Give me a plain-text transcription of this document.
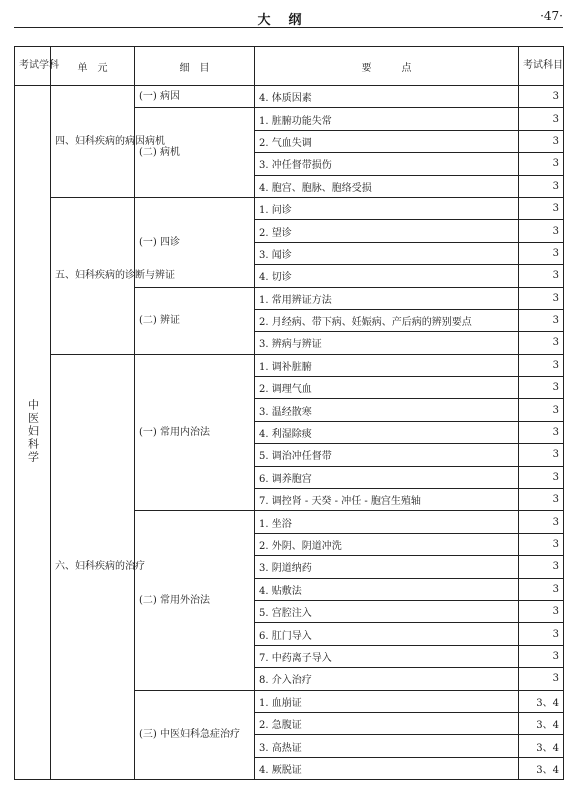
大纲	·47·
考试学科	单　元	细　目	要　　　点	考试科目

中医妇科学	四、妇科疾病的病因病机	(一) 病因	4. 体质因素	3
		(二) 病机	1. 脏腑功能失常	3
			2. 气血失调	3
			3. 冲任督带损伤	3
			4. 胞宫、胞脉、胞络受损	3
	五、妇科疾病的诊断与辨证	(一) 四诊	1. 问诊	3
			2. 望诊	3
			3. 闻诊	3
			4. 切诊	3
		(二) 辨证	1. 常用辨证方法	3
			2. 月经病、带下病、妊娠病、产后病的辨别要点	3
			3. 辨病与辨证	3
	六、妇科疾病的治疗	(一) 常用内治法	1. 调补脏腑	3
			2. 调理气血	3
			3. 温经散寒	3
			4. 利湿除痰	3
			5. 调治冲任督带	3
			6. 调养胞宫	3
			7. 调控肾 - 天癸 - 冲任 - 胞宫生殖轴	3
		(二) 常用外治法	1. 坐浴	3
			2. 外阴、阴道冲洗	3
			3. 阴道纳药	3
			4. 贴敷法	3
			5. 宫腔注入	3
			6. 肛门导入	3
			7. 中药离子导入	3
			8. 介入治疗	3
		(三) 中医妇科急症治疗	1. 血崩证	3、4
			2. 急腹证	3、4
			3. 高热证	3、4
			4. 厥脱证	3、4
